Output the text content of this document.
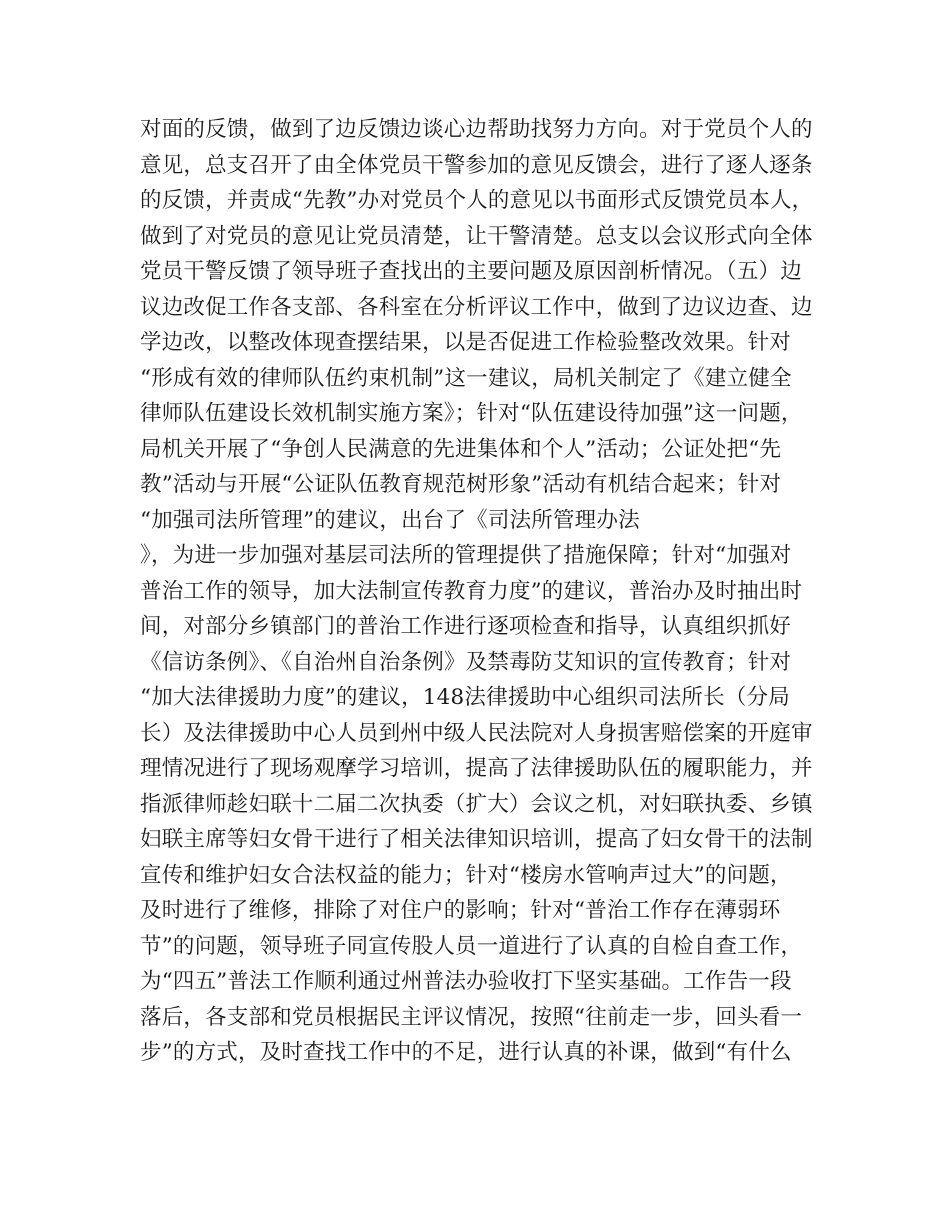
对面的反馈，做到了边反馈边谈心边帮助找努力方向。对于党员个人的
意见，总支召开了由全体党员干警参加的意见反馈会，进行了逐人逐条
的反馈，并责成“先教”办对党员个人的意见以书面形式反馈党员本人，
做到了对党员的意见让党员清楚，让干警清楚。总支以会议形式向全体
党员干警反馈了领导班子查找出的主要问题及原因剖析情况。（五）边
议边改促工作各支部、各科室在分析评议工作中，做到了边议边查、边
学边改，以整改体现查摆结果，以是否促进工作检验整改效果。针对
“形成有效的律师队伍约束机制”这一建议，局机关制定了《建立健全
律师队伍建设长效机制实施方案》；针对“队伍建设待加强”这一问题，
局机关开展了“争创人民满意的先进集体和个人”活动；公证处把“先
教”活动与开展“公证队伍教育规范树形象”活动有机结合起来；针对
“加强司法所管理”的建议，出台了《司法所管理办法
》，为进一步加强对基层司法所的管理提供了措施保障；针对“加强对
普治工作的领导，加大法制宣传教育力度”的建议，普治办及时抽出时
间，对部分乡镇部门的普治工作进行逐项检查和指导，认真组织抓好
《信访条例》、《自治州自治条例》及禁毒防艾知识的宣传教育；针对
“加大法律援助力度”的建议，148法律援助中心组织司法所长（分局
长）及法律援助中心人员到州中级人民法院对人身损害赔偿案的开庭审
理情况进行了现场观摩学习培训，提高了法律援助队伍的履职能力，并
指派律师趁妇联十二届二次执委（扩大）会议之机，对妇联执委、乡镇
妇联主席等妇女骨干进行了相关法律知识培训，提高了妇女骨干的法制
宣传和维护妇女合法权益的能力；针对“楼房水管响声过大”的问题，
及时进行了维修，排除了对住户的影响；针对“普治工作存在薄弱环
节”的问题，领导班子同宣传股人员一道进行了认真的自检自查工作，
为“四五”普法工作顺利通过州普法办验收打下坚实基础。工作告一段
落后，各支部和党员根据民主评议情况，按照“往前走一步，回头看一
步”的方式，及时查找工作中的不足，进行认真的补课，做到“有什么
